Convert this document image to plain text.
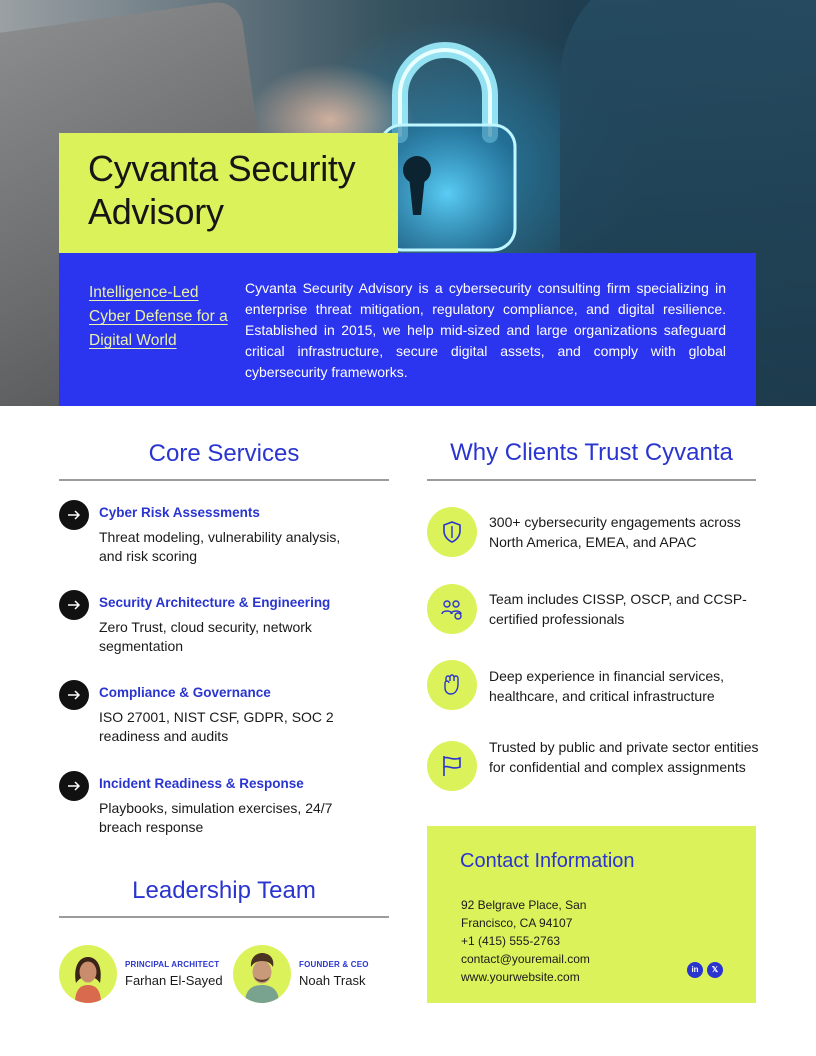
Cyvanta Security Advisory
Intelligence-Led Cyber Defense for a Digital World
Cyvanta Security Advisory is a cybersecurity consulting firm specializing in enterprise threat mitigation, regulatory compliance, and digital resilience. Established in 2015, we help mid-sized and large organizations safeguard critical infrastructure, secure digital assets, and comply with global cybersecurity frameworks.
Core Services
Cyber Risk Assessments
Threat modeling, vulnerability analysis, and risk scoring
Security Architecture & Engineering
Zero Trust, cloud security, network segmentation
Compliance & Governance
ISO 27001, NIST CSF, GDPR, SOC 2 readiness and audits
Incident Readiness & Response
Playbooks, simulation exercises, 24/7 breach response
Why Clients Trust Cyvanta
300+ cybersecurity engagements across North America, EMEA, and APAC
Team includes CISSP, OSCP, and CCSP-certified professionals
Deep experience in financial services, healthcare, and critical infrastructure
Trusted by public and private sector entities for confidential and complex assignments
Contact Information
92 Belgrave Place, San
Francisco, CA 94107
+1 (415) 555-2763
contact@youremail.com
www.yourwebsite.com
in	𝕏
Leadership Team
PRINCIPAL ARCHITECT
Farhan El-Sayed
FOUNDER & CEO
Noah Trask
